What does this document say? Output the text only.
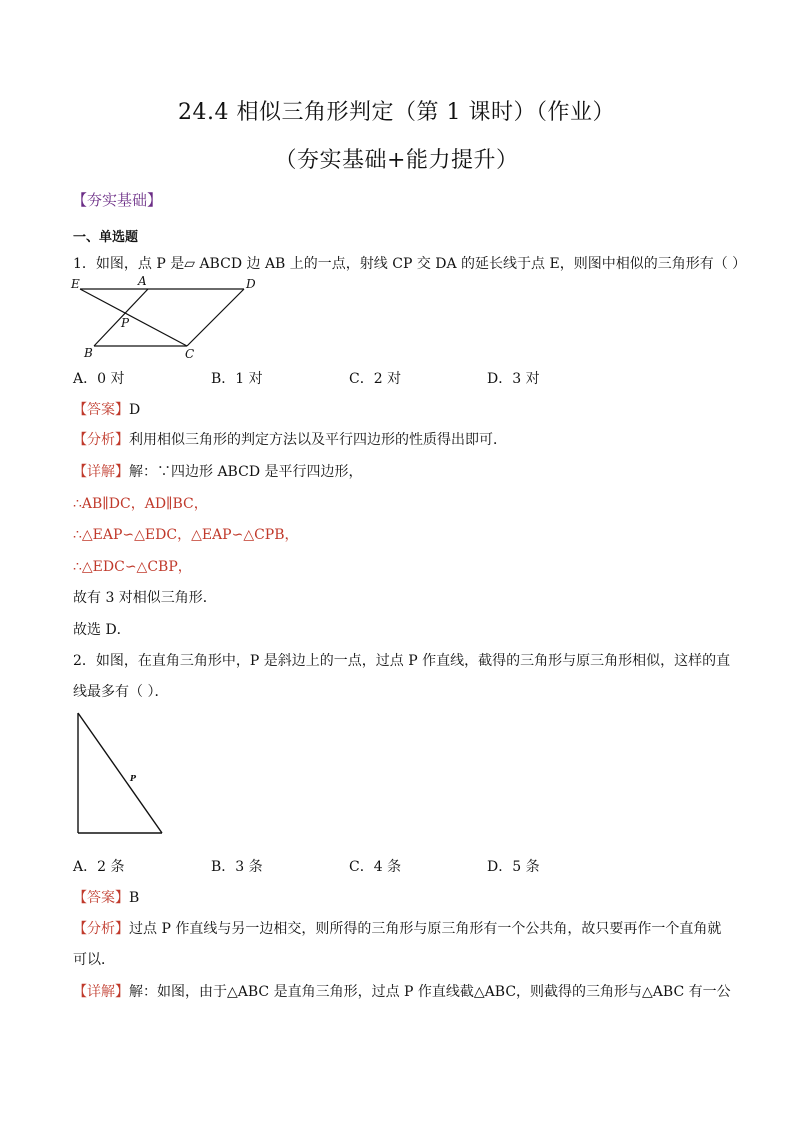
24.4 相似三角形判定（第 1 课时）（作业）
（夯实基础+能力提升）
【夯实基础】
一、单选题
1．如图，点 P 是▱ ABCD 边 AB 上的一点，射线 CP 交 DA 的延长线于点 E，则图中相似的三角形有（ ）
E	A	D
P
B	C
A．0 对	B．1 对	C．2 对	D．3 对
【答案】D
【分析】利用相似三角形的判定方法以及平行四边形的性质得出即可．
【详解】解：∵四边形 ABCD 是平行四边形，
∴AB∥DC，AD∥BC，
∴△EAP∽△EDC，△EAP∽△CPB，
∴△EDC∽△CBP，
故有 3 对相似三角形．
故选 D．
2．如图，在直角三角形中，P 是斜边上的一点，过点 P 作直线，截得的三角形与原三角形相似，这样的直
线最多有（ ）．
P
A．2 条	B．3 条	C．4 条	D．5 条
【答案】B
【分析】过点 P 作直线与另一边相交，则所得的三角形与原三角形有一个公共角，故只要再作一个直角就
可以．
【详解】解：如图，由于△ABC 是直角三角形，过点 P 作直线截△ABC，则截得的三角形与△ABC 有一公
